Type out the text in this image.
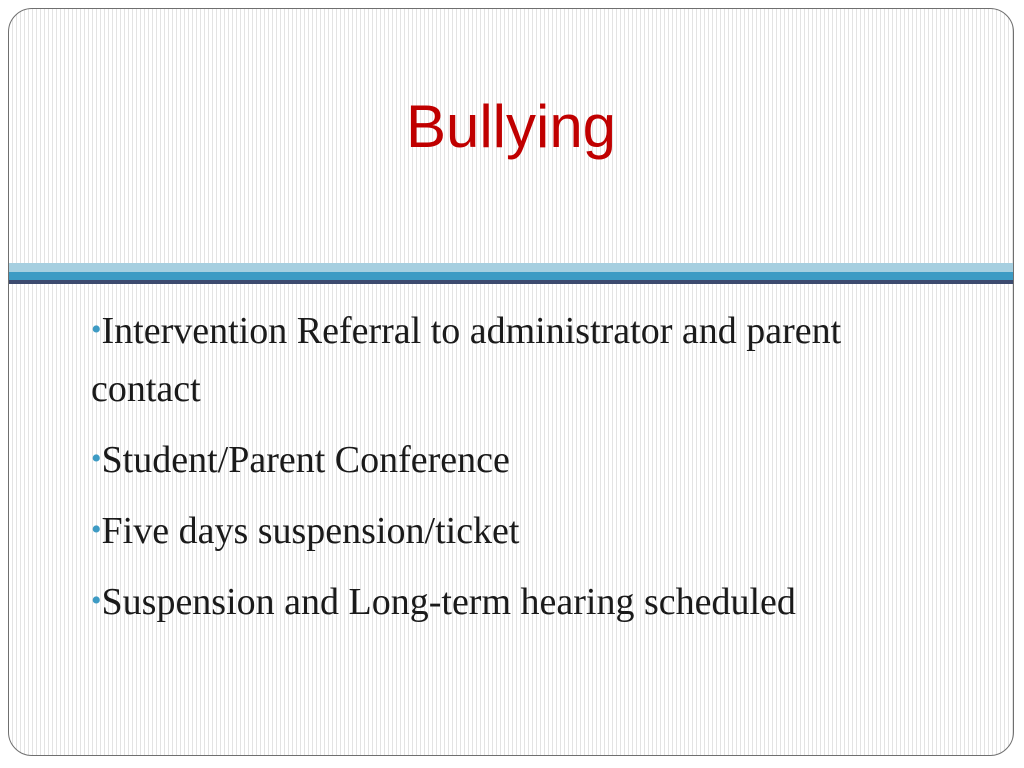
Bullying
•Intervention Referral to administrator and parent contact
•Student/Parent Conference
•Five days suspension/ticket
•Suspension and Long-term hearing scheduled
